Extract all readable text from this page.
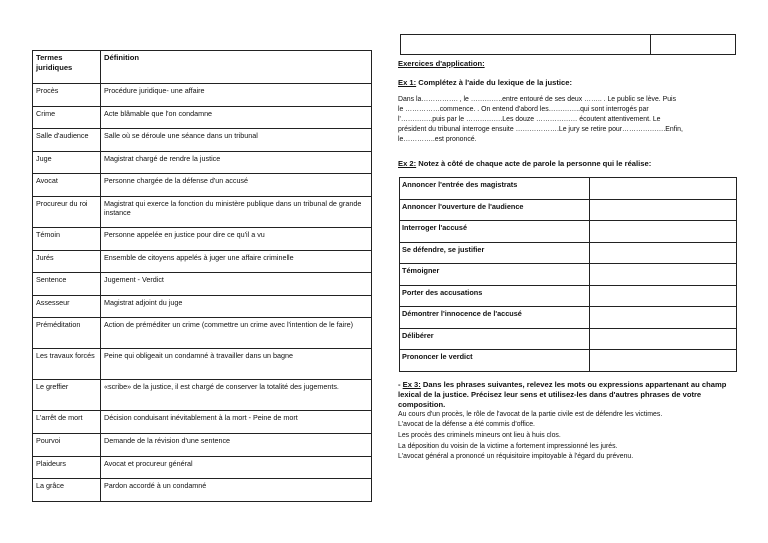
Termes juridiques	Définition
Procès	Procédure juridique- une affaire
Crime	Acte blâmable que l'on condamne
Salle d'audience	Salle où se déroule une séance dans un tribunal
Juge	Magistrat chargé de rendre la justice
Avocat	Personne chargée de la défense d'un accusé
Procureur du roi	Magistrat qui exerce la fonction du ministère publique dans un tribunal de grande instance
Témoin	Personne appelée en justice pour dire ce qu'il a vu
Jurés	Ensemble de citoyens appelés à juger une affaire criminelle
Sentence	Jugement - Verdict
Assesseur	Magistrat adjoint du juge
Préméditation	Action de préméditer un crime (commettre un crime avec l'intention de le faire)
Les travaux forcés	Peine qui obligeait un condamné à travailler dans un bagne
Le greffier	«scribe» de la justice, il est chargé de conserver la totalité des jugements.
L'arrêt de mort	Décision conduisant inévitablement à la mort - Peine de mort
Pourvoi	Demande de la révision d'une sentence
Plaideurs	Avocat et procureur général
La grâce	Pardon accordé à un condamné
Exercices d'application:
Ex 1: Complétez à l'aide du lexique de la justice:
Dans la……………. , le …………..entre entouré de ses deux …….. . Le public se lève. Puis
le ……………commence. . On entend d'abord les…………..qui sont interrogés par
l'…………..puis par le …………….Les douze ……………… écoutent attentivement. Le
président du tribunal interroge ensuite ……………….Le jury se retire pour……………….Enfin,
le…………..est prononcé.
Ex 2: Notez à côté de chaque acte de parole la personne qui le réalise:
Annoncer l'entrée des magistrats	
Annoncer l'ouverture de l'audience	
Interroger l'accusé	
Se défendre, se justifier	
Témoigner	
Porter des accusations	
Démontrer l'innocence de l'accusé	
Délibérer	
Prononcer le verdict	
- Ex 3: Dans les phrases suivantes, relevez les mots ou expressions appartenant au champ lexical de la justice. Précisez leur sens et utilisez-les dans d'autres phrases de votre composition.
Au cours d'un procès, le rôle de l'avocat de la partie civile est de défendre les victimes.
L'avocat de la défense a été commis d'office.
Les procès des criminels mineurs ont lieu à huis clos.
La déposition du voisin de la victime a fortement impressionné les jurés.
L'avocat général a prononcé un réquisitoire impitoyable à l'égard du prévenu.
